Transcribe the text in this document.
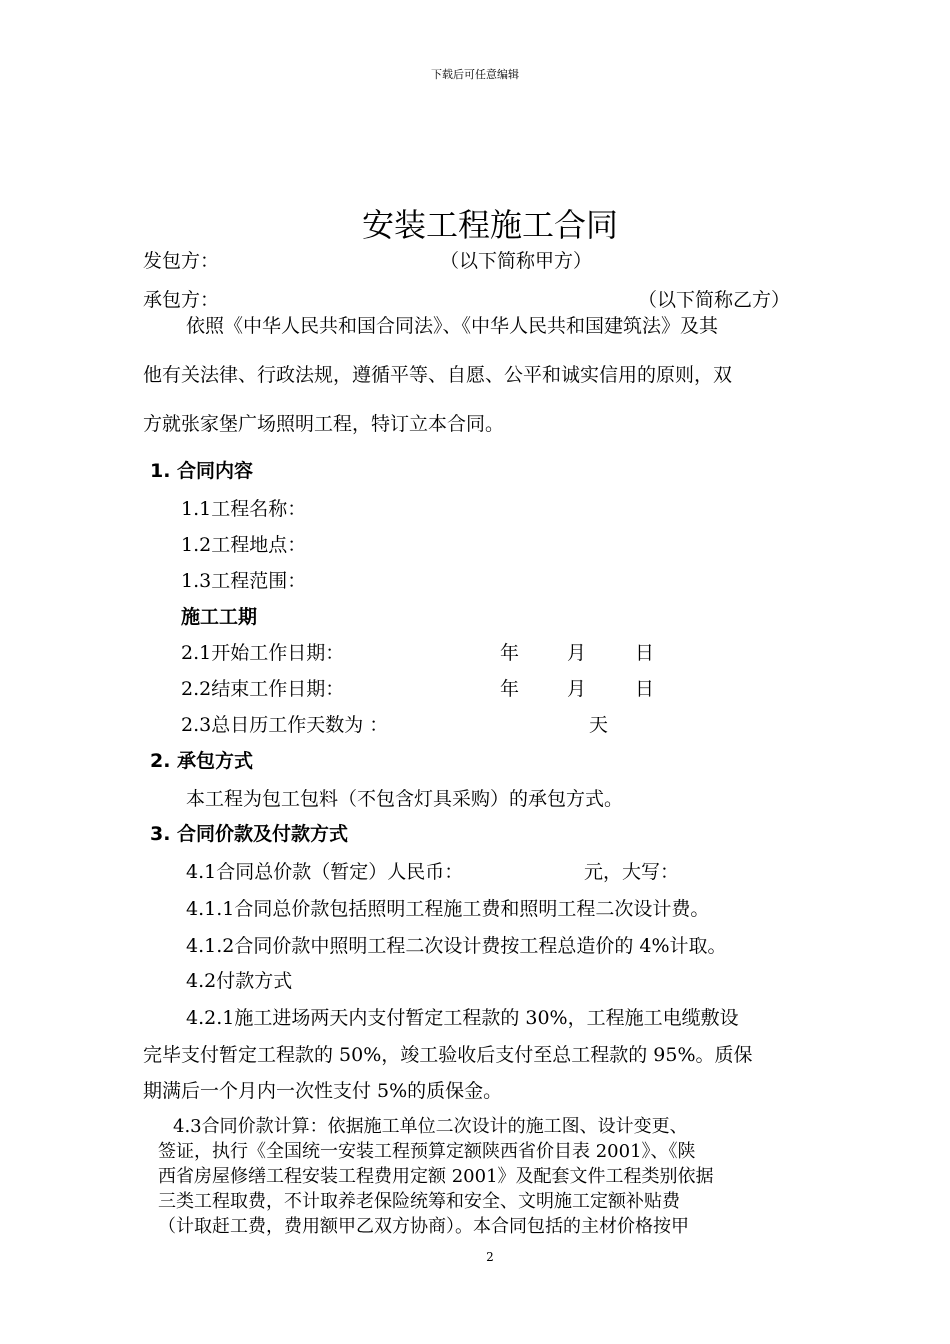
下载后可任意编辑
安装工程施工合同
发包方：	（以下简称甲方）
承包方：	（以下简称乙方）
依照《中华人民共和国合同法》、《中华人民共和国建筑法》及其
他有关法律、行政法规，遵循平等、自愿、公平和诚实信用的原则，双
方就张家堡广场照明工程，特订立本合同。
1. 合同内容
1.1工程名称：
1.2工程地点：
1.3工程范围：
施工工期
2.1开始工作日期：	年	月	日
2.2结束工作日期：	年	月	日
2.3总日历工作天数为 ：	天
2. 承包方式
本工程为包工包料（不包含灯具采购）的承包方式。
3. 合同价款及付款方式
4.1合同总价款（暂定）人民币：	元，大写：
4.1.1合同总价款包括照明工程施工费和照明工程二次设计费。
4.1.2合同价款中照明工程二次设计费按工程总造价的 4%计取。
4.2付款方式
4.2.1施工进场两天内支付暂定工程款的 30%，工程施工电缆敷设
完毕支付暂定工程款的 50%，竣工验收后支付至总工程款的 95%。质保
期满后一个月内一次性支付 5%的质保金。
4.3合同价款计算：依据施工单位二次设计的施工图、设计变更、
签证，执行《全国统一安装工程预算定额陕西省价目表 2001》、《陕
西省房屋修缮工程安装工程费用定额 2001》及配套文件工程类别依据
三类工程取费，不计取养老保险统筹和安全、文明施工定额补贴费
（计取赶工费，费用额甲乙双方协商）。本合同包括的主材价格按甲
2
